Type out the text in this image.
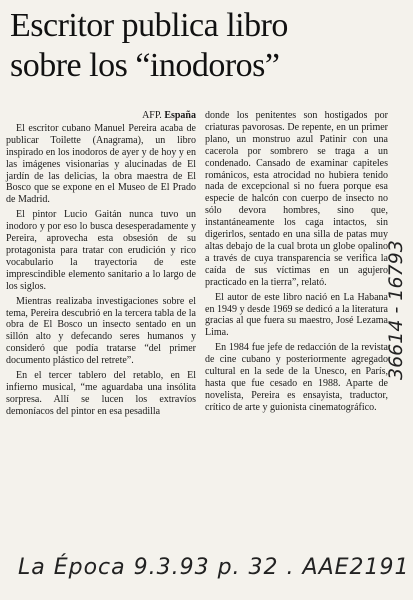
Escritor publica libro
sobre los “inodoros”
AFP. España

El escritor cubano Manuel Pereira acaba de publicar Toilette (Anagrama), un libro inspirado en los inodoros de ayer y de hoy y en las imágenes visionarias y alucinadas de El jardín de las delicias, la obra maestra de El Bosco que se expone en el Museo de El Prado de Madrid.

El pintor Lucio Gaitán nunca tuvo un inodoro y por eso lo busca desesperadamente y Pereira, aprovecha esta obsesión de su protagonista para tratar con erudición y rico vocabulario la trayectoria de este imprescindible elemento sanitario a lo largo de los siglos.

Mientras realizaba investigaciones sobre el tema, Pereira descubrió en la tercera tabla de la obra de El Bosco un insecto sentado en un sillón alto y defecando seres humanos y consideró que podía tratarse “del primer documento plástico del retrete”.

En el tercer tablero del retablo, en El infierno musical, “me aguardaba una insólita sorpresa. Allí se lucen los extravíos demoníacos del pintor en esa pesadilla

donde los penitentes son hostigados por criaturas pavorosas. De repente, en un primer plano, un monstruo azul Patinir con una cacerola por sombrero se traga a un condenado. Cansado de examinar capiteles románicos, esta atrocidad no hubiera tenido nada de excepcional si no fuera porque esa especie de halcón con cuerpo de insecto no sólo devora hombres, sino que, instantáneamente los caga intactos, sin digerirlos, sentado en una silla de patas muy altas debajo de la cual brota un globe opalino a través de cuya transparencia se verifica la caída de sus víctimas en un agujero practicado en la tierra”, relató.

El autor de este libro nació en La Habana en 1949 y desde 1969 se dedicó a la literatura gracias al que fuera su maestro, José Lezama Lima.

En 1984 fue jefe de redacción de la revista de cine cubano y posteriormente agregado cultural en la sede de la Unesco, en París, hasta que fue cesado en 1988. Aparte de novelista, Pereira es ensayista, traductor, crítico de arte y guionista cinematográfico.

La Época 9.3.93 p. 32 . AAE2191
36614 - 16793
